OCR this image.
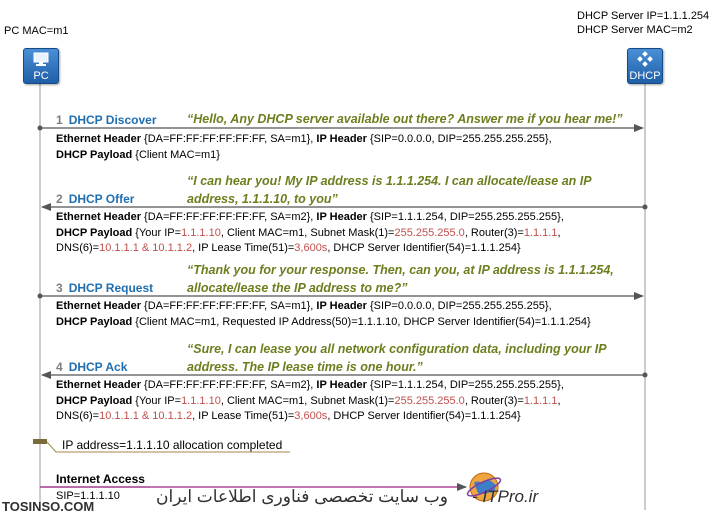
PC MAC=m1
DHCP Server IP=1.1.1.254
DHCP Server MAC=m2
PC	DHCP
1 DHCP Discover “Hello, Any DHCP server available out there? Answer me if you hear me!”
Ethernet Header {DA=FF:FF:FF:FF:FF:FF, SA=m1}, IP Header {SIP=0.0.0.0, DIP=255.255.255.255},
DHCP Payload {Client MAC=m1}
2 DHCP Offer
“I can hear you! My IP address is 1.1.1.254. I can allocate/lease an IP
address, 1.1.1.10, to you”
Ethernet Header {DA=FF:FF:FF:FF:FF:FF, SA=m2}, IP Header {SIP=1.1.1.254, DIP=255.255.255.255},
DHCP Payload {Your IP=1.1.1.10, Client MAC=m1, Subnet Mask(1)=255.255.255.0, Router(3)=1.1.1.1,
DNS(6)=10.1.1.1 & 10.1.1.2, IP Lease Time(51)=3,600s, DHCP Server Identifier(54)=1.1.1.254}
3 DHCP Request
“Thank you for your response. Then, can you, at IP address is 1.1.1.254,
allocate/lease the IP address to me?”
Ethernet Header {DA=FF:FF:FF:FF:FF:FF, SA=m1}, IP Header {SIP=0.0.0.0, DIP=255.255.255.255},
DHCP Payload {Client MAC=m1, Requested IP Address(50)=1.1.1.10, DHCP Server Identifier(54)=1.1.1.254}
4 DHCP Ack
“Sure, I can lease you all network configuration data, including your IP
address. The IP lease time is one hour.”
Ethernet Header {DA=FF:FF:FF:FF:FF:FF, SA=m2}, IP Header {SIP=1.1.1.254, DIP=255.255.255.255},
DHCP Payload {Your IP=1.1.1.10, Client MAC=m1, Subnet Mask(1)=255.255.255.0, Router(3)=1.1.1.1,
DNS(6)=10.1.1.1 & 10.1.1.2, IP Lease Time(51)=3,600s, DHCP Server Identifier(54)=1.1.1.254}
IP address=1.1.1.10 allocation completed
Internet Access
SIP=1.1.1.10
TOSINSO.COM
وب سایت تخصصی فناوری اطلاعات ایران - ITPro.ir
